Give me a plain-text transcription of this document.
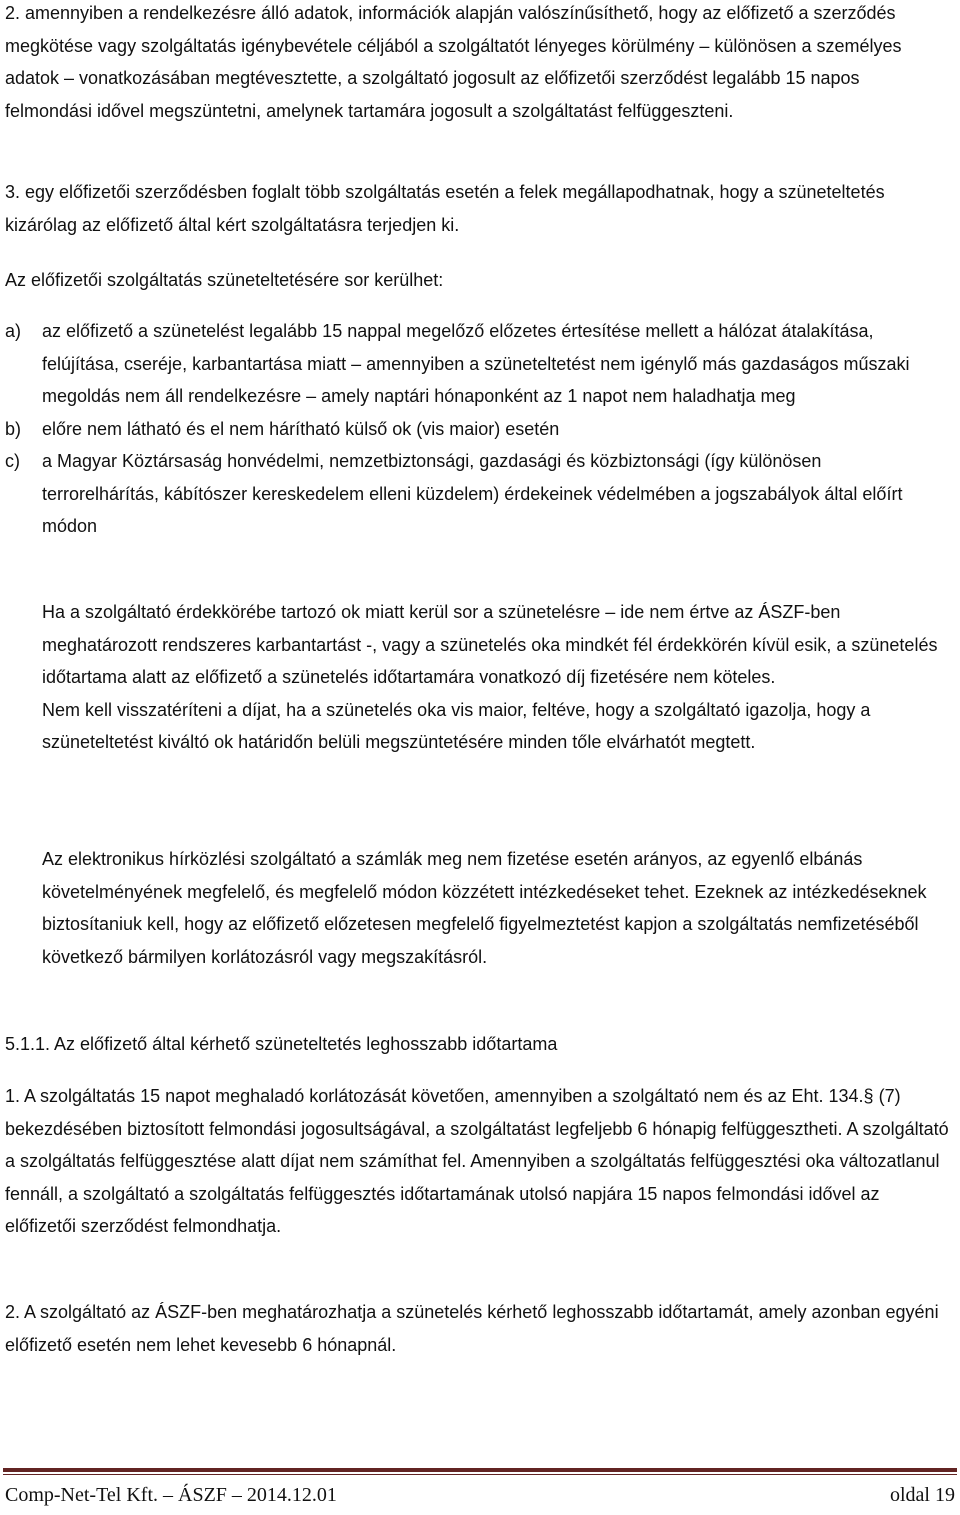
2. amennyiben a rendelkezésre álló adatok, információk alapján valószínűsíthető, hogy az előfizető a szerződés megkötése vagy szolgáltatás igénybevétele céljából a szolgáltatót lényeges körülmény – különösen a személyes adatok – vonatkozásában megtévesztette, a szolgáltató jogosult az előfizetői szerződést legalább 15 napos felmondási idővel megszüntetni, amelynek tartamára jogosult a szolgáltatást felfüggeszteni.

3. egy előfizetői szerződésben foglalt több szolgáltatás esetén a felek megállapodhatnak, hogy a szüneteltetés kizárólag az előfizető által kért szolgáltatásra terjedjen ki.

Az előfizetői szolgáltatás szüneteltetésére sor kerülhet:

a)	az előfizető a szünetelést legalább 15 nappal megelőző előzetes értesítése mellett a hálózat átalakítása, felújítása, cseréje, karbantartása miatt – amennyiben a szüneteltetést nem igénylő más gazdaságos műszaki megoldás nem áll rendelkezésre – amely naptári hónaponként az 1 napot nem haladhatja meg

b)	előre nem látható és el nem hárítható külső ok (vis maior) esetén

c)	a Magyar Köztársaság honvédelmi, nemzetbiztonsági, gazdasági és közbiztonsági (így különösen terrorelhárítás, kábítószer kereskedelem elleni küzdelem) érdekeinek védelmében a jogszabályok által előírt módon

Ha a szolgáltató érdekkörébe tartozó ok miatt kerül sor a szünetelésre – ide nem értve az ÁSZF-ben meghatározott rendszeres karbantartást -, vagy a szünetelés oka mindkét fél érdekkörén kívül esik, a szünetelés időtartama alatt az előfizető a szünetelés időtartamára vonatkozó díj fizetésére nem köteles.

Nem kell visszatéríteni a díjat, ha a szünetelés oka vis maior, feltéve, hogy a szolgáltató igazolja, hogy a szüneteltetést kiváltó ok határidőn belüli megszüntetésére minden tőle elvárhatót megtett.

Az elektronikus hírközlési szolgáltató a számlák meg nem fizetése esetén arányos, az egyenlő elbánás követelményének megfelelő, és megfelelő módon közzétett intézkedéseket tehet. Ezeknek az intézkedéseknek biztosítaniuk kell, hogy az előfizető előzetesen megfelelő figyelmeztetést kapjon a szolgáltatás nemfizetéséből következő bármilyen korlátozásról vagy megszakításról.

5.1.1. Az előfizető által kérhető szüneteltetés leghosszabb időtartama

1. A szolgáltatás 15 napot meghaladó korlátozását követően, amennyiben a szolgáltató nem és az Eht. 134.§ (7) bekezdésében biztosított felmondási jogosultságával, a szolgáltatást legfeljebb 6 hónapig felfüggesztheti. A szolgáltató a szolgáltatás felfüggesztése alatt díjat nem számíthat fel. Amennyiben a szolgáltatás felfüggesztési oka változatlanul fennáll, a szolgáltató a szolgáltatás felfüggesztés időtartamának utolsó napjára 15 napos felmondási idővel az előfizetői szerződést felmondhatja.

2. A szolgáltató az ÁSZF-ben meghatározhatja a szünetelés kérhető leghosszabb időtartamát, amely azonban egyéni előfizető esetén nem lehet kevesebb 6 hónapnál.

Comp-Net-Tel Kft. – ÁSZF – 2014.12.01	oldal 19
